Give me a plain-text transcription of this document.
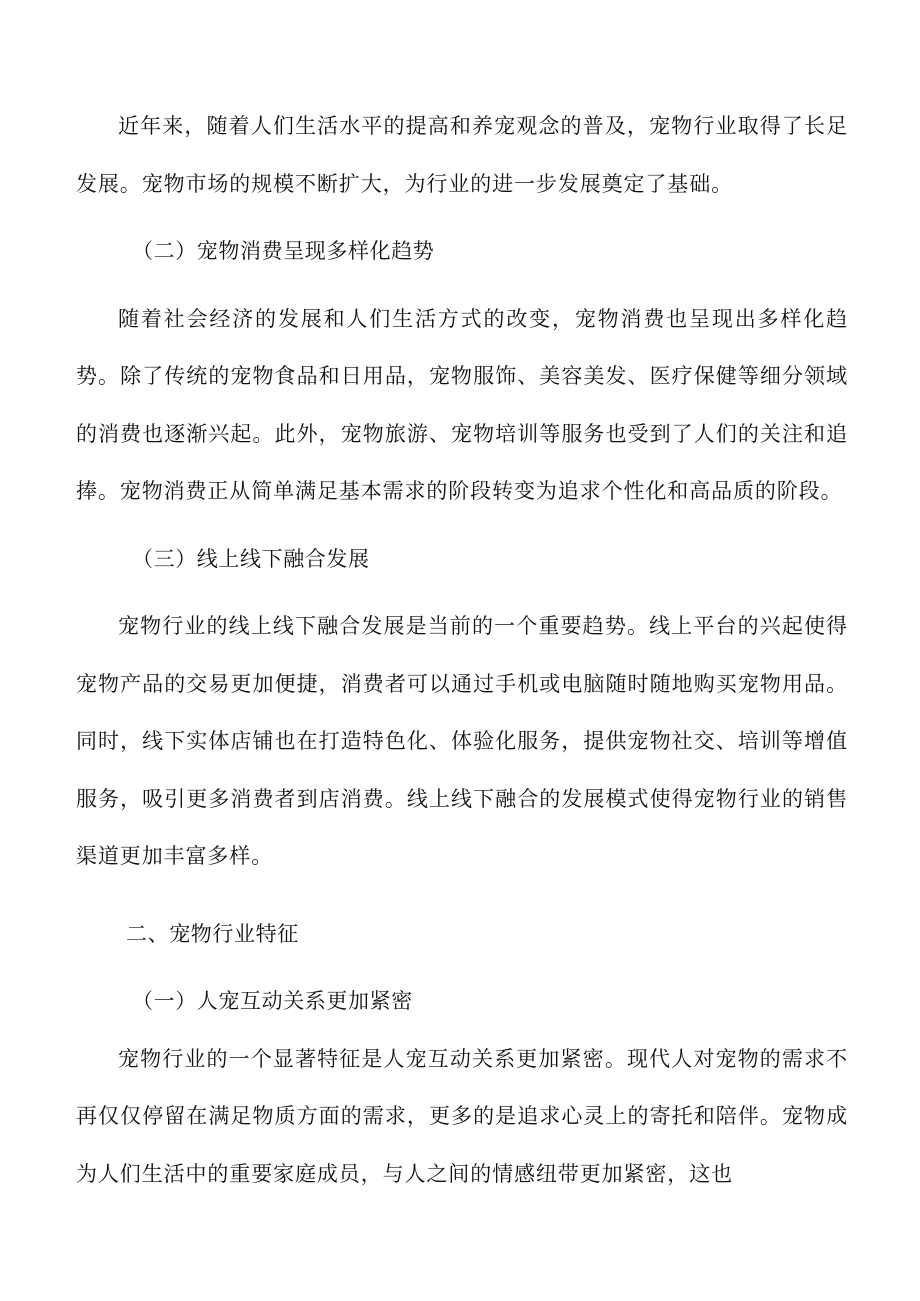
近年来，随着人们生活水平的提高和养宠观念的普及，宠物行业取得了长足发展。宠物市场的规模不断扩大，为行业的进一步发展奠定了基础。

（二）宠物消费呈现多样化趋势

随着社会经济的发展和人们生活方式的改变，宠物消费也呈现出多样化趋势。除了传统的宠物食品和日用品，宠物服饰、美容美发、医疗保健等细分领域的消费也逐渐兴起。此外，宠物旅游、宠物培训等服务也受到了人们的关注和追捧。宠物消费正从简单满足基本需求的阶段转变为追求个性化和高品质的阶段。

（三）线上线下融合发展

宠物行业的线上线下融合发展是当前的一个重要趋势。线上平台的兴起使得宠物产品的交易更加便捷，消费者可以通过手机或电脑随时随地购买宠物用品。同时，线下实体店铺也在打造特色化、体验化服务，提供宠物社交、培训等增值服务，吸引更多消费者到店消费。线上线下融合的发展模式使得宠物行业的销售渠道更加丰富多样。

二、宠物行业特征

（一）人宠互动关系更加紧密

宠物行业的一个显著特征是人宠互动关系更加紧密。现代人对宠物的需求不再仅仅停留在满足物质方面的需求，更多的是追求心灵上的寄托和陪伴。宠物成为人们生活中的重要家庭成员，与人之间的情感纽带更加紧密，这也
